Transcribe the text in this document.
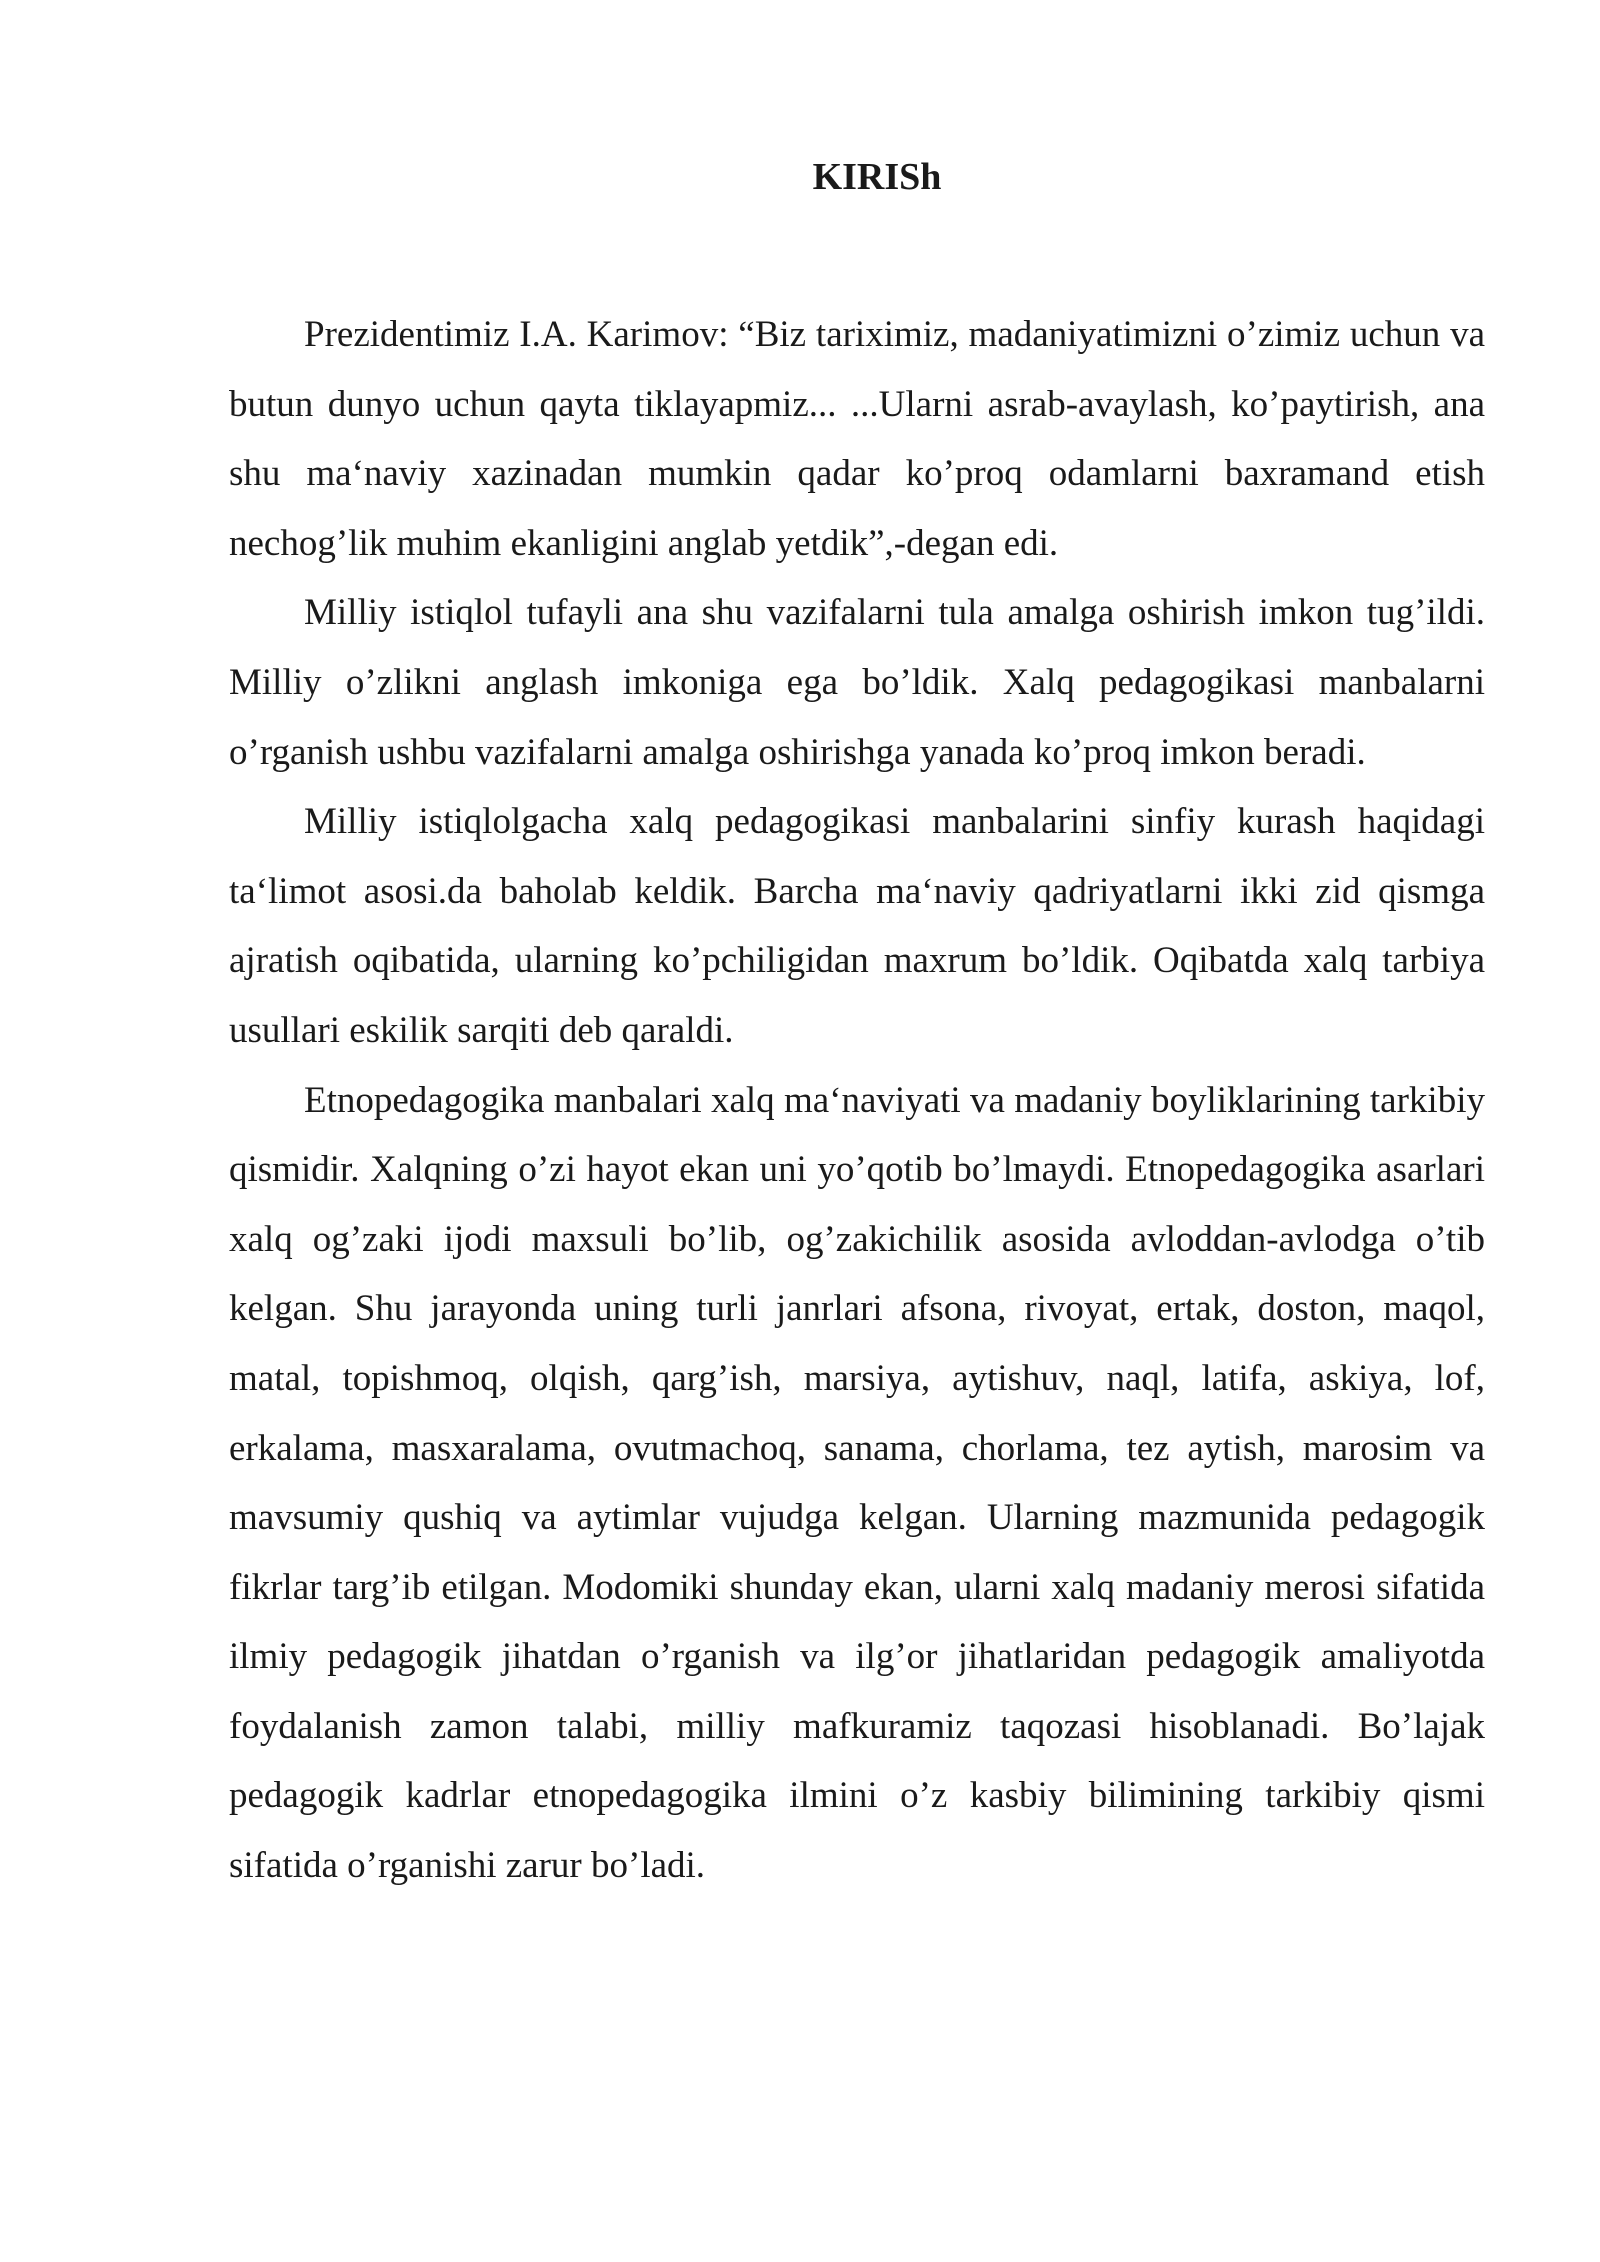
KIRISh

Prezidentimiz I.A. Karimov: “Biz tariximiz, madaniyatimizni o’zimiz uchun va butun dunyo uchun qayta tiklayapmiz... ...Ularni asrab-avaylash, ko’paytirish, ana shu ma‘naviy xazinadan mumkin qadar ko’proq odamlarni baxramand etish nechog’lik muhim ekanligini anglab yetdik”,-degan edi.

Milliy istiqlol tufayli ana shu vazifalarni tula amalga oshirish imkon tug’ildi. Milliy o’zlikni anglash imkoniga ega bo’ldik. Xalq pedagogikasi manbalarni o’rganish ushbu vazifalarni amalga oshirishga yanada ko’proq imkon beradi.

Milliy istiqlolgacha xalq pedagogikasi manbalarini sinfiy kurash haqidagi ta‘limot asosi.da baholab keldik. Barcha ma‘naviy qadriyatlarni ikki zid qismga ajratish oqibatida, ularning ko’pchiligidan maxrum bo’ldik. Oqibatda xalq tarbiya usullari eskilik sarqiti deb qaraldi.

Etnopedagogika manbalari xalq ma‘naviyati va madaniy boyliklarining tarkibiy qismidir. Xalqning o’zi hayot ekan uni yo’qotib bo’lmaydi. Etnopedagogika asarlari xalq og’zaki ijodi maxsuli bo’lib, og’zakichilik asosida avloddan-avlodga o’tib kelgan. Shu jarayonda uning turli janrlari afsona, rivoyat, ertak, doston, maqol, matal, topishmoq, olqish, qarg’ish, marsiya, aytishuv, naql, latifa, askiya, lof, erkalama, masxaralama, ovutmachoq, sanama, chorlama, tez aytish, marosim va mavsumiy qushiq va aytimlar vujudga kelgan. Ularning mazmunida pedagogik fikrlar targ’ib etilgan. Modomiki shunday ekan, ularni xalq madaniy merosi sifatida ilmiy pedagogik jihatdan o’rganish va ilg’or jihatlaridan pedagogik amaliyotda foydalanish zamon talabi, milliy mafkuramiz taqozasi hisoblanadi. Bo’lajak pedagogik kadrlar etnopedagogika ilmini o’z kasbiy bilimining tarkibiy qismi sifatida o’rganishi zarur bo’ladi.
